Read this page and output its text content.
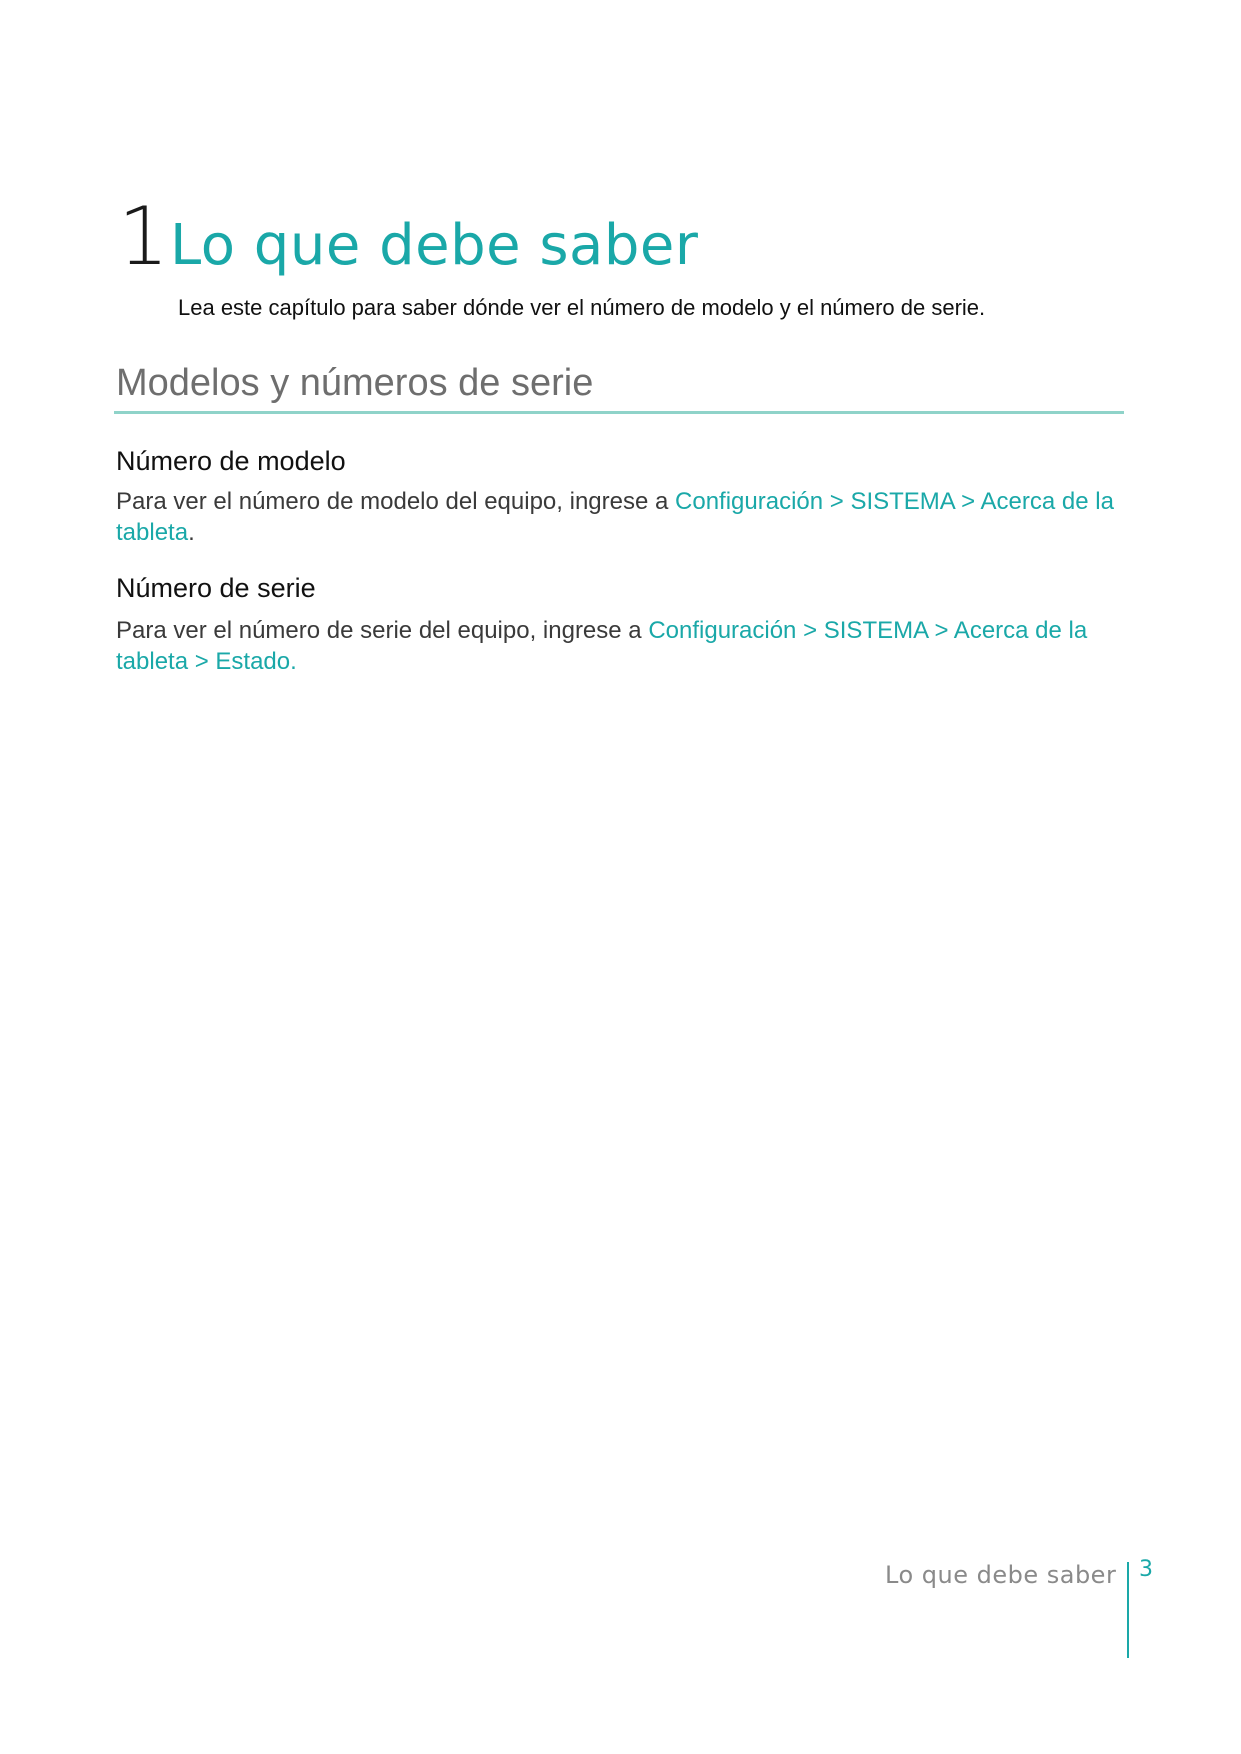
1 Lo que debe saber
Lea este capítulo para saber dónde ver el número de modelo y el número de serie.
Modelos y números de serie
Número de modelo

Para ver el número de modelo del equipo, ingrese a Configuración > SISTEMA > Acerca de la tableta.

Número de serie

Para ver el número de serie del equipo, ingrese a Configuración > SISTEMA > Acerca de la tableta > Estado.

Lo que debe saber 3
